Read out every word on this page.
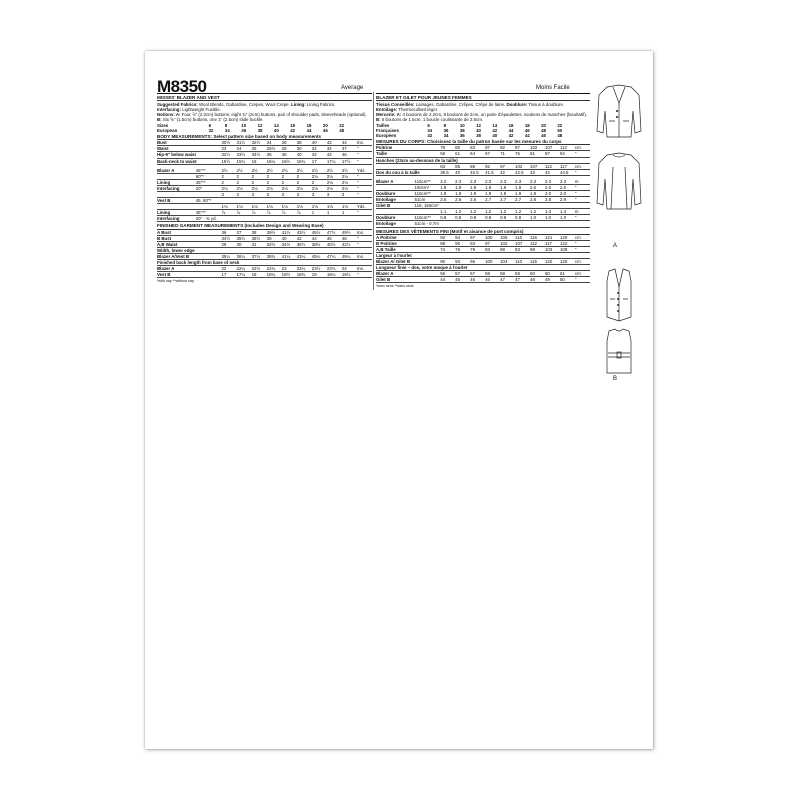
M8350	Average	Moins Facile
MISSES' BLAZER AND VEST
Suggested Fabrics: Wool Blends, Gabardine, Crepes, Wool Crepe. Lining: Lining Fabrics.
Interfacing: Lightweight Fusible.
Notions: A: Four ⅞" (2.2cm) buttons, eight ¾" (2cm) buttons, pair of shoulder pads, sleeveheads (optional). B: Six ⅝" (1.5cm) buttons, one 1" (2.5cm) slide buckle.
Sizes	6	8	10	12	14	16	18	20	22	
European	32	34	36	38	40	42	44	46	48	
BODY MEASUREMENTS: Select pattern size based on body measurements
Bust		30½	31½	32½	34	36	38	40	42	44	Ins.
Waist		23	24	25	26½	28	30	32	34	37	"
Hip-9" below waist		32½	33½	34½	36	38	40	42	44	46	"
Back-neck to waist		15½	15¾	16	16¼	16½	16¾	17	17¼	17½	"
Blazer A	45"**	2½	2½	2½	2½	2½	2½	2½	2½	2½	Yds.
	60"*	2	2	2	2	2	2	2⅛	2⅛	2⅛	"
Lining	45"**	2	2	2	2	2	2	2	2⅛	2⅛	"
Interfacing	20"	2⅛	2⅛	2⅛	2⅛	2⅛	2⅛	2⅛	2⅛	2⅛	"
		3	3	3	3	3	3	3	3	3	"
Vest B	45, 60"*										
		1⅛	1⅛	1⅛	1⅛	1⅛	1⅛	1⅛	1⅛	1⅛	Yds.
Lining	45"**	⅞	⅞	⅞	⅞	⅞	⅞	1	1	1	"
Interfacing	20" - ⅜ yd.										
FINISHED GARMENT MEASUREMENTS (Includes Design and Wearing Ease)
A Bust		36	37	38	39½	41½	43½	45½	47½	49½	Ins.
B Bust		34½	35½	36½	38	40	42	44	46	48	"
A,B Waist		29	30	31	32½	34½	36½	38½	40½	42½	"
Width, lower edge											
Blazer A/Vest B		35¼	36¼	37¼	38¾	41¼	43¼	45¼	47¼	49¼	Ins.
Finished back length from base of neck											
Blazer A		22	22¼	22½	22¾	23	23¼	23½	23¾	24	Ins.
Vest B		17	17¼	18	18¼	18½	18¾	19	19¼	19½	"
*with nap **without nap
BLAZER ET GILET POUR JEUNES FEMMES
Tissus Conseillés: Lainages, Gabardine, Crêpes, Crêpe de laine. Doublure: Tissus à doublure.
Entoilage: Thermocollant léger.
Mercerie: A: 4 boutons de 2.2cm, 8 boutons de 2cm, un paire d'épaulettes, soutiens de manches (facultatif). B: 6 boutons de 1.5cm, 1 boucle coulissante de 2.5cm.
Tailles	6	8	10	12	14	16	18	20	22	
Françaises	34	36	38	40	42	44	46	48	50	
Européen	32	34	36	38	40	42	44	46	48	
MESURES DU CORPS: Choisissez la taille du patron basée sur les mesures du corps
Poitrine		78	80	83	87	92	97	102	107	112	cm
Taille		58	61	64	67	71	76	81	87	94	"
Hanches (23cm au-dessous de la taille)											
		83	85	88	92	97	102	107	112	117	cm
Dos du cou à la taille		39.5	40	40.5	41.5	42	42.5	43	44	44.5	"
Blazer A	115cm**	2.2	2.3	2.3	2.3	2.3	2.3	2.3	2.3	2.3	m
	150cm*	1.9	1.9	1.9	1.9	1.9	1.9	2.0	2.0	2.0	"
Doublure	115cm**	1.9	1.9	1.9	1.9	1.9	1.9	1.9	2.0	2.0	"
Entoilage	51cm	2.6	2.6	2.6	2.7	2.7	2.7	2.8	2.8	2.9	"
Gilet B	115, 150cm*										
		1.1	1.2	1.2	1.2	1.2	1.2	1.2	1.3	1.3	m
Doublure	115cm**	0.8	0.8	0.8	0.8	0.8	0.8	1.0	1.0	1.0	"
Entoilage	51cm - 0.7m										
MESURES DES VÊTEMENTS FINI (Motif et aisance de port compris)
A Poitrine		92	94	97	100	105	110	116	121	126	cm
B Poitrine		88	90	93	97	102	107	112	117	122	"
A,B Taille		74	76	79	83	88	93	98	103	108	"
Largeur à l'ourlet											
Blazer A/ Gilet B		90	93	96	100	104	110	115	120	125	cm
Longueur finie – dos, votre moque à l'ourlet											
Blazer A		56	57	57	58	58	59	60	60	61	cm
Gilet B		44	45	46	46	47	47	48	49	50	"
*avec sens **sans sens
A
B
